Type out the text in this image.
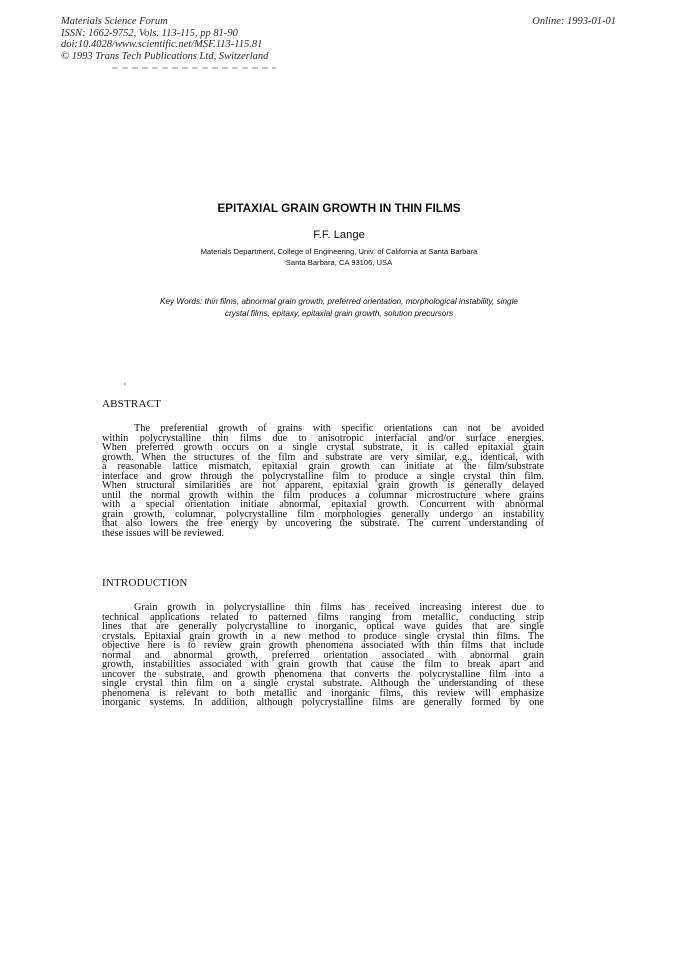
Materials Science Forum
ISSN: 1662-9752, Vols. 113-115, pp 81-90
doi:10.4028/www.scientific.net/MSF.113-115.81
© 1993 Trans Tech Publications Ltd, Switzerland
Online: 1993-01-01
EPITAXIAL GRAIN GROWTH IN THIN FILMS
F.F. Lange
Materials Department, College of Engineering, Univ. of California at Santa Barbara
Santa Barbara, CA 93106, USA
Key Words: thin films, abnormal grain growth, preferred orientation, morphological instability, single
crystal films, epitaxy, epitaxial grain growth, solution precursors
ABSTRACT
The preferential growth of grains with specific orientations can not be avoided
within polycrystalline thin films due to anisotropic interfacial and/or surface energies.
When preferred growth occurs on a single crystal substrate, it is called epitaxial grain
growth. When the structures of the film and substrate are very similar, e.g., identical, with
a reasonable lattice mismatch, epitaxial grain growth can initiate at the film/substrate
interface and grow through the polycrystalline film to produce a single crystal thin film.
When structural similarities are not apparent, epitaxial grain growth is generally delayed
until the normal growth within the film produces a columnar microstructure where grains
with a special orientation initiate abnormal, epitaxial growth. Concurrent with abnormal
grain growth, columnar, polycrystalline film morphologies generally undergo an instability
that also lowers the free energy by uncovering the substrate. The current understanding of
these issues will be reviewed.
INTRODUCTION
Grain growth in polycrystalline thin films has received increasing interest due to
technical applications related to patterned films ranging from metallic, conducting strip
lines that are generally polycrystalline to inorganic, optical wave guides that are single
crystals. Epitaxial grain growth in a new method to produce single crystal thin films. The
objective here is to review grain growth phenomena associated with thin films that include
normal and abnormal growth, preferred orientation associated with abnormal grain
growth, instabilities associated with grain growth that cause the film to break apart and
uncover the substrate, and growth phenomena that converts the polycrystalline film into a
single crystal thin film on a single crystal substrate. Although the understanding of these
phenomena is relevant to both metallic and inorganic films, this review will emphasize
inorganic systems. In addition, although polycrystalline films are generally formed by one
